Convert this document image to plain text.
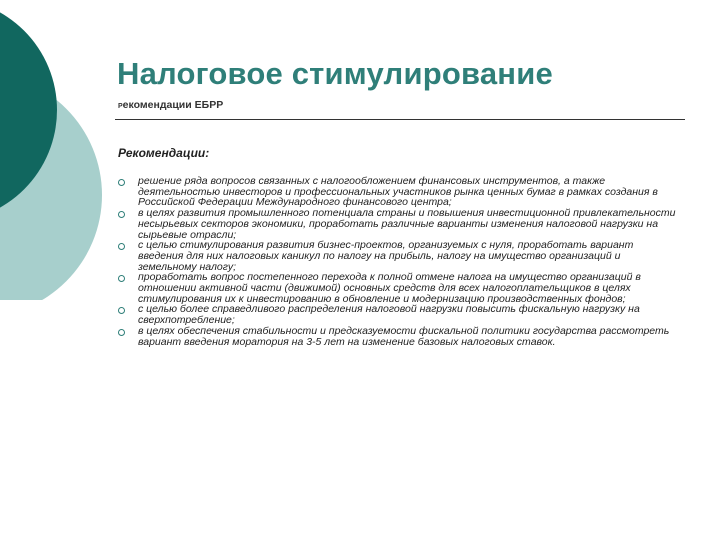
Налоговое стимулирование
Рекомендации ЕБРР
Рекомендации:
решение ряда вопросов связанных с налогообложением финансовых инструментов, а также деятельностью инвесторов и профессиональных участников рынка ценных бумаг в рамках создания в Российской Федерации Международного финансового центра;
в целях развития промышленного потенциала страны и повышения инвестиционной привлекательности несырьевых секторов экономики, проработать различные варианты изменения налоговой нагрузки на сырьевые отрасли;
с целью стимулирования развития бизнес-проектов, организуемых с нуля, проработать вариант введения для них налоговых каникул по налогу на прибыль, налогу на имущество организаций и земельному налогу;
проработать вопрос постепенного перехода к полной отмене налога на имущество организаций в отношении активной части (движимой) основных средств для всех налогоплательщиков в целях стимулирования их к инвестированию в обновление и модернизацию производственных фондов;
с целью более справедливого распределения налоговой нагрузки повысить фискальную нагрузку на сверхпотребление;
в целях обеспечения стабильности и предсказуемости фискальной политики государства рассмотреть вариант введения моратория на 3-5 лет на изменение базовых налоговых ставок.
